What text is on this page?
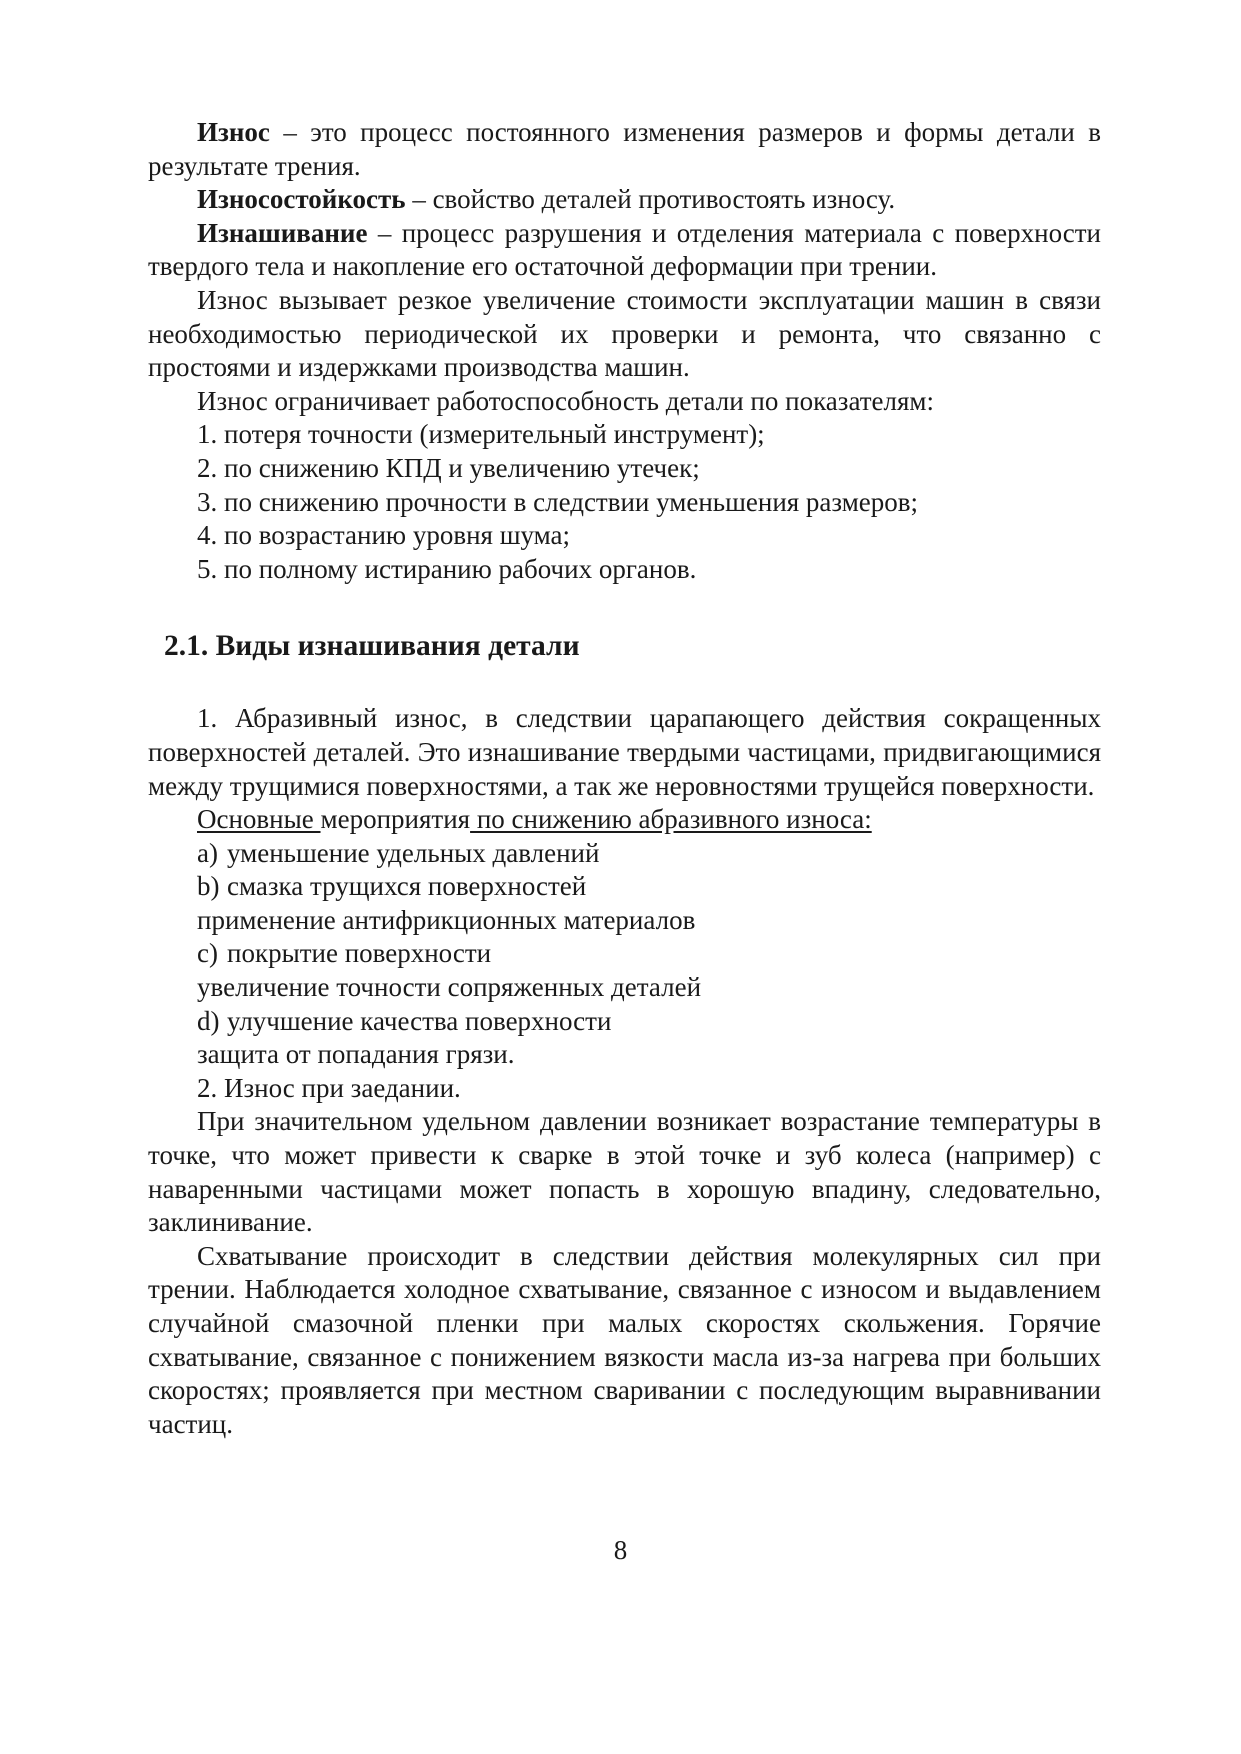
Износ – это процесс постоянного изменения размеров и формы детали в результате трения.

Износостойкость – свойство деталей противостоять износу.

Изнашивание – процесс разрушения и отделения материала с поверхности твердого тела и накопление его остаточной деформации при трении.

Износ вызывает резкое увеличение стоимости эксплуатации машин в связи необходимостью периодической их проверки и ремонта, что связанно с простоями и издержками производства машин.

Износ ограничивает работоспособность детали по показателям:

1. потеря точности (измерительный инструмент);

2. по снижению КПД и увеличению утечек;

3. по снижению прочности в следствии уменьшения размеров;

4. по возрастанию уровня шума;

5. по полному истиранию рабочих органов.

2.1. Виды изнашивания детали

1. Абразивный износ, в следствии царапающего действия сокращенных поверхностей деталей. Это изнашивание твердыми частицами, придвигающимися между трущимися поверхностями, а так же неровностями трущейся поверхности.

Основные мероприятия по снижению абразивного износа:

a) уменьшение удельных давлений

b) смазка трущихся поверхностей

применение антифрикционных материалов

c) покрытие поверхности

увеличение точности сопряженных деталей

d) улучшение качества поверхности

защита от попадания грязи.

2. Износ при заедании.

При значительном удельном давлении возникает возрастание температуры в точке, что может привести к сварке в этой точке и зуб колеса (например) с наваренными частицами может попасть в хорошую впадину, следовательно, заклинивание.

Схватывание происходит в следствии действия молекулярных сил при трении. Наблюдается холодное схватывание, связанное с износом и выдавлением случайной смазочной пленки при малых скоростях скольжения. Горячие схватывание, связанное с понижением вязкости масла из-за нагрева при больших скоростях; проявляется при местном сваривании с последующим выравнивании частиц.

8
